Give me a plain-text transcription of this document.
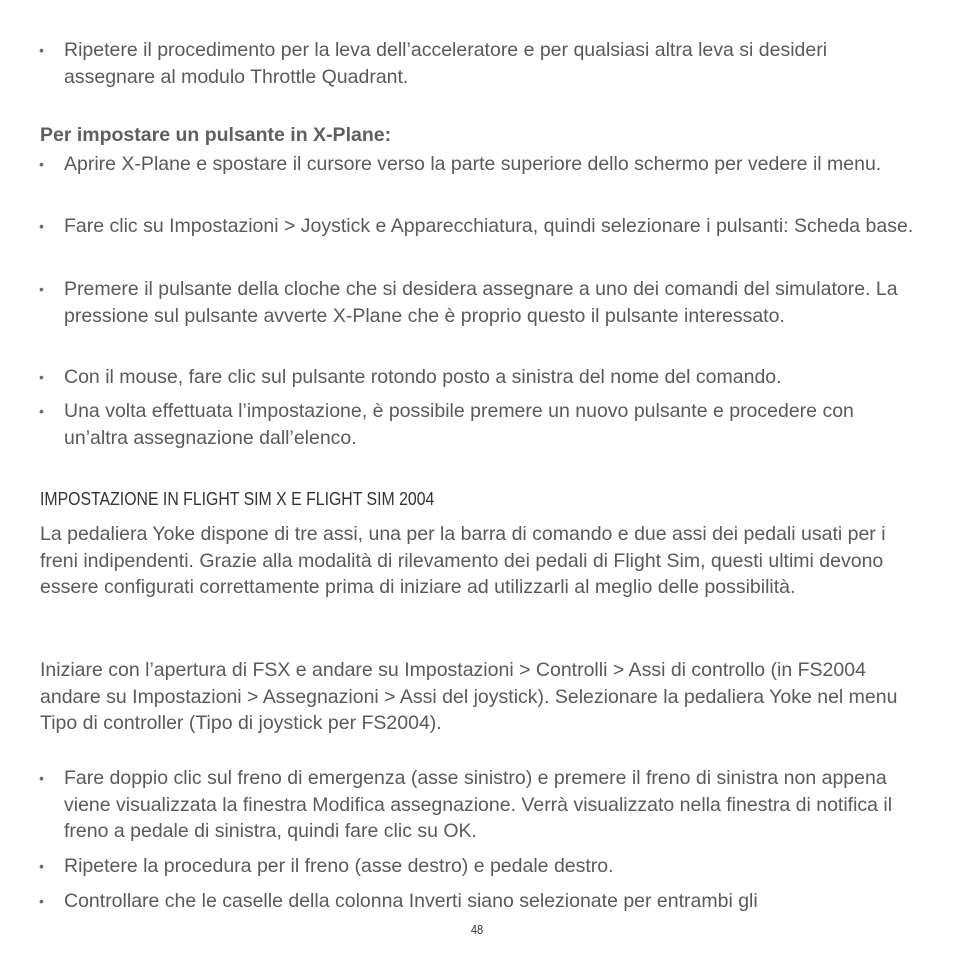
• Ripetere il procedimento per la leva dell’acceleratore e per qualsiasi altra leva si desideri assegnare al modulo Throttle Quadrant.
Per impostare un pulsante in X-Plane:
• Aprire X-Plane e spostare il cursore verso la parte superiore dello schermo per vedere il menu.
• Fare clic su Impostazioni > Joystick e Apparecchiatura, quindi selezionare i pulsanti: Scheda base.
• Premere il pulsante della cloche che si desidera assegnare a uno dei comandi del simulatore. La pressione sul pulsante avverte X-Plane che è proprio questo il pulsante interessato.
• Con il mouse, fare clic sul pulsante rotondo posto a sinistra del nome del comando.
• Una volta effettuata l’impostazione, è possibile premere un nuovo pulsante e procedere con un’altra assegnazione dall’elenco.
IMPOSTAZIONE IN FLIGHT SIM X E FLIGHT SIM 2004

La pedaliera Yoke dispone di tre assi, una per la barra di comando e due assi dei pedali usati per i freni indipendenti. Grazie alla modalità di rilevamento dei pedali di Flight Sim, questi ultimi devono essere configurati correttamente prima di iniziare ad utilizzarli al meglio delle possibilità.

Iniziare con l’apertura di FSX e andare su Impostazioni > Controlli > Assi di controllo (in FS2004 andare su Impostazioni > Assegnazioni > Assi del joystick). Selezionare la pedaliera Yoke nel menu Tipo di controller (Tipo di joystick per FS2004).

• Fare doppio clic sul freno di emergenza (asse sinistro) e premere il freno di sinistra non appena viene visualizzata la finestra Modifica assegnazione. Verrà visualizzato nella finestra di notifica il freno a pedale di sinistra, quindi fare clic su OK.
• Ripetere la procedura per il freno (asse destro) e pedale destro.
• Controllare che le caselle della colonna Inverti siano selezionate per entrambi gli
48
